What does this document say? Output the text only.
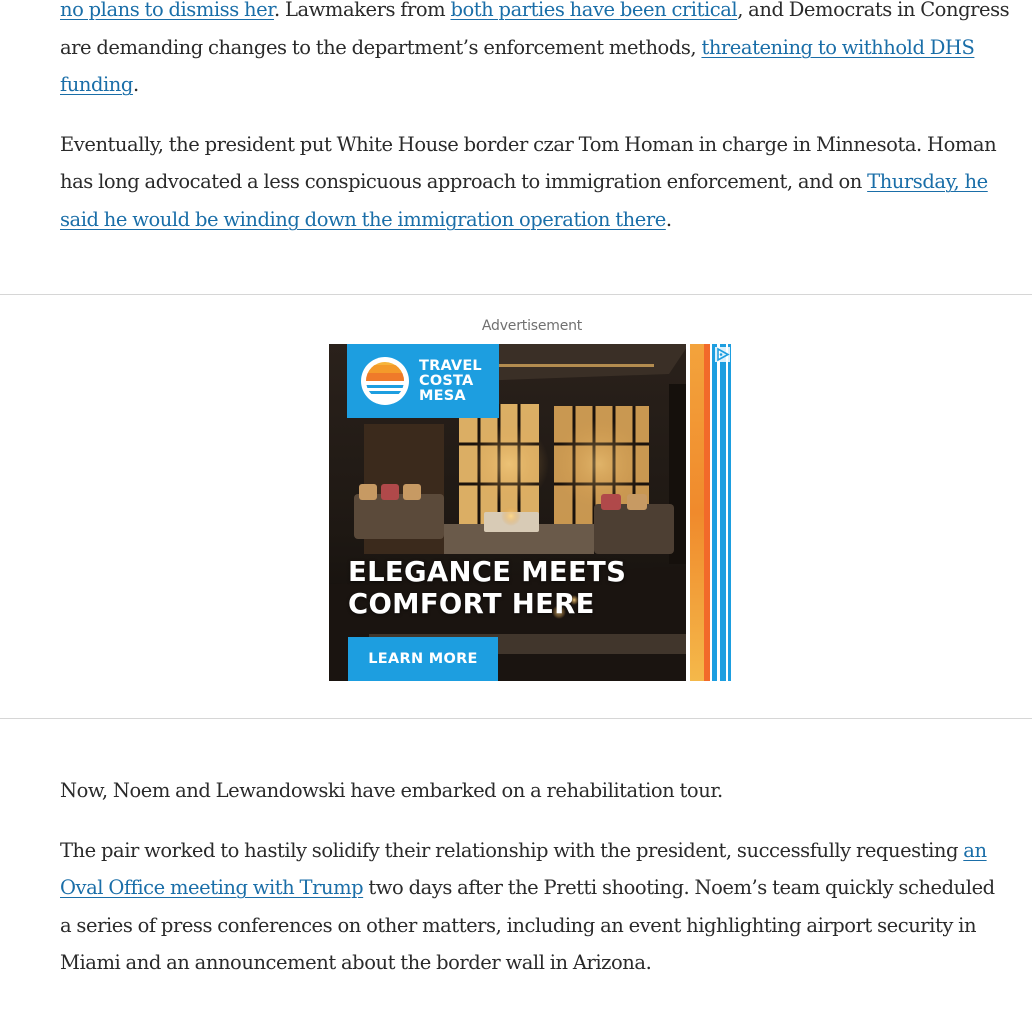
no plans to dismiss her. Lawmakers from both parties have been critical, and Democrats in Congress are demanding changes to the department’s enforcement methods, threatening to withhold DHS funding.

Eventually, the president put White House border czar Tom Homan in charge in Minnesota. Homan has long advocated a less conspicuous approach to immigration enforcement, and on Thursday, he said he would be winding down the immigration operation there.

Advertisement
TRAVEL
COSTA
MESA
ELEGANCE MEETS
COMFORT HERE
LEARN MORE

Now, Noem and Lewandowski have embarked on a rehabilitation tour.

The pair worked to hastily solidify their relationship with the president, successfully requesting an Oval Office meeting with Trump two days after the Pretti shooting. Noem’s team quickly scheduled a series of press conferences on other matters, including an event highlighting airport security in Miami and an announcement about the border wall in Arizona.
